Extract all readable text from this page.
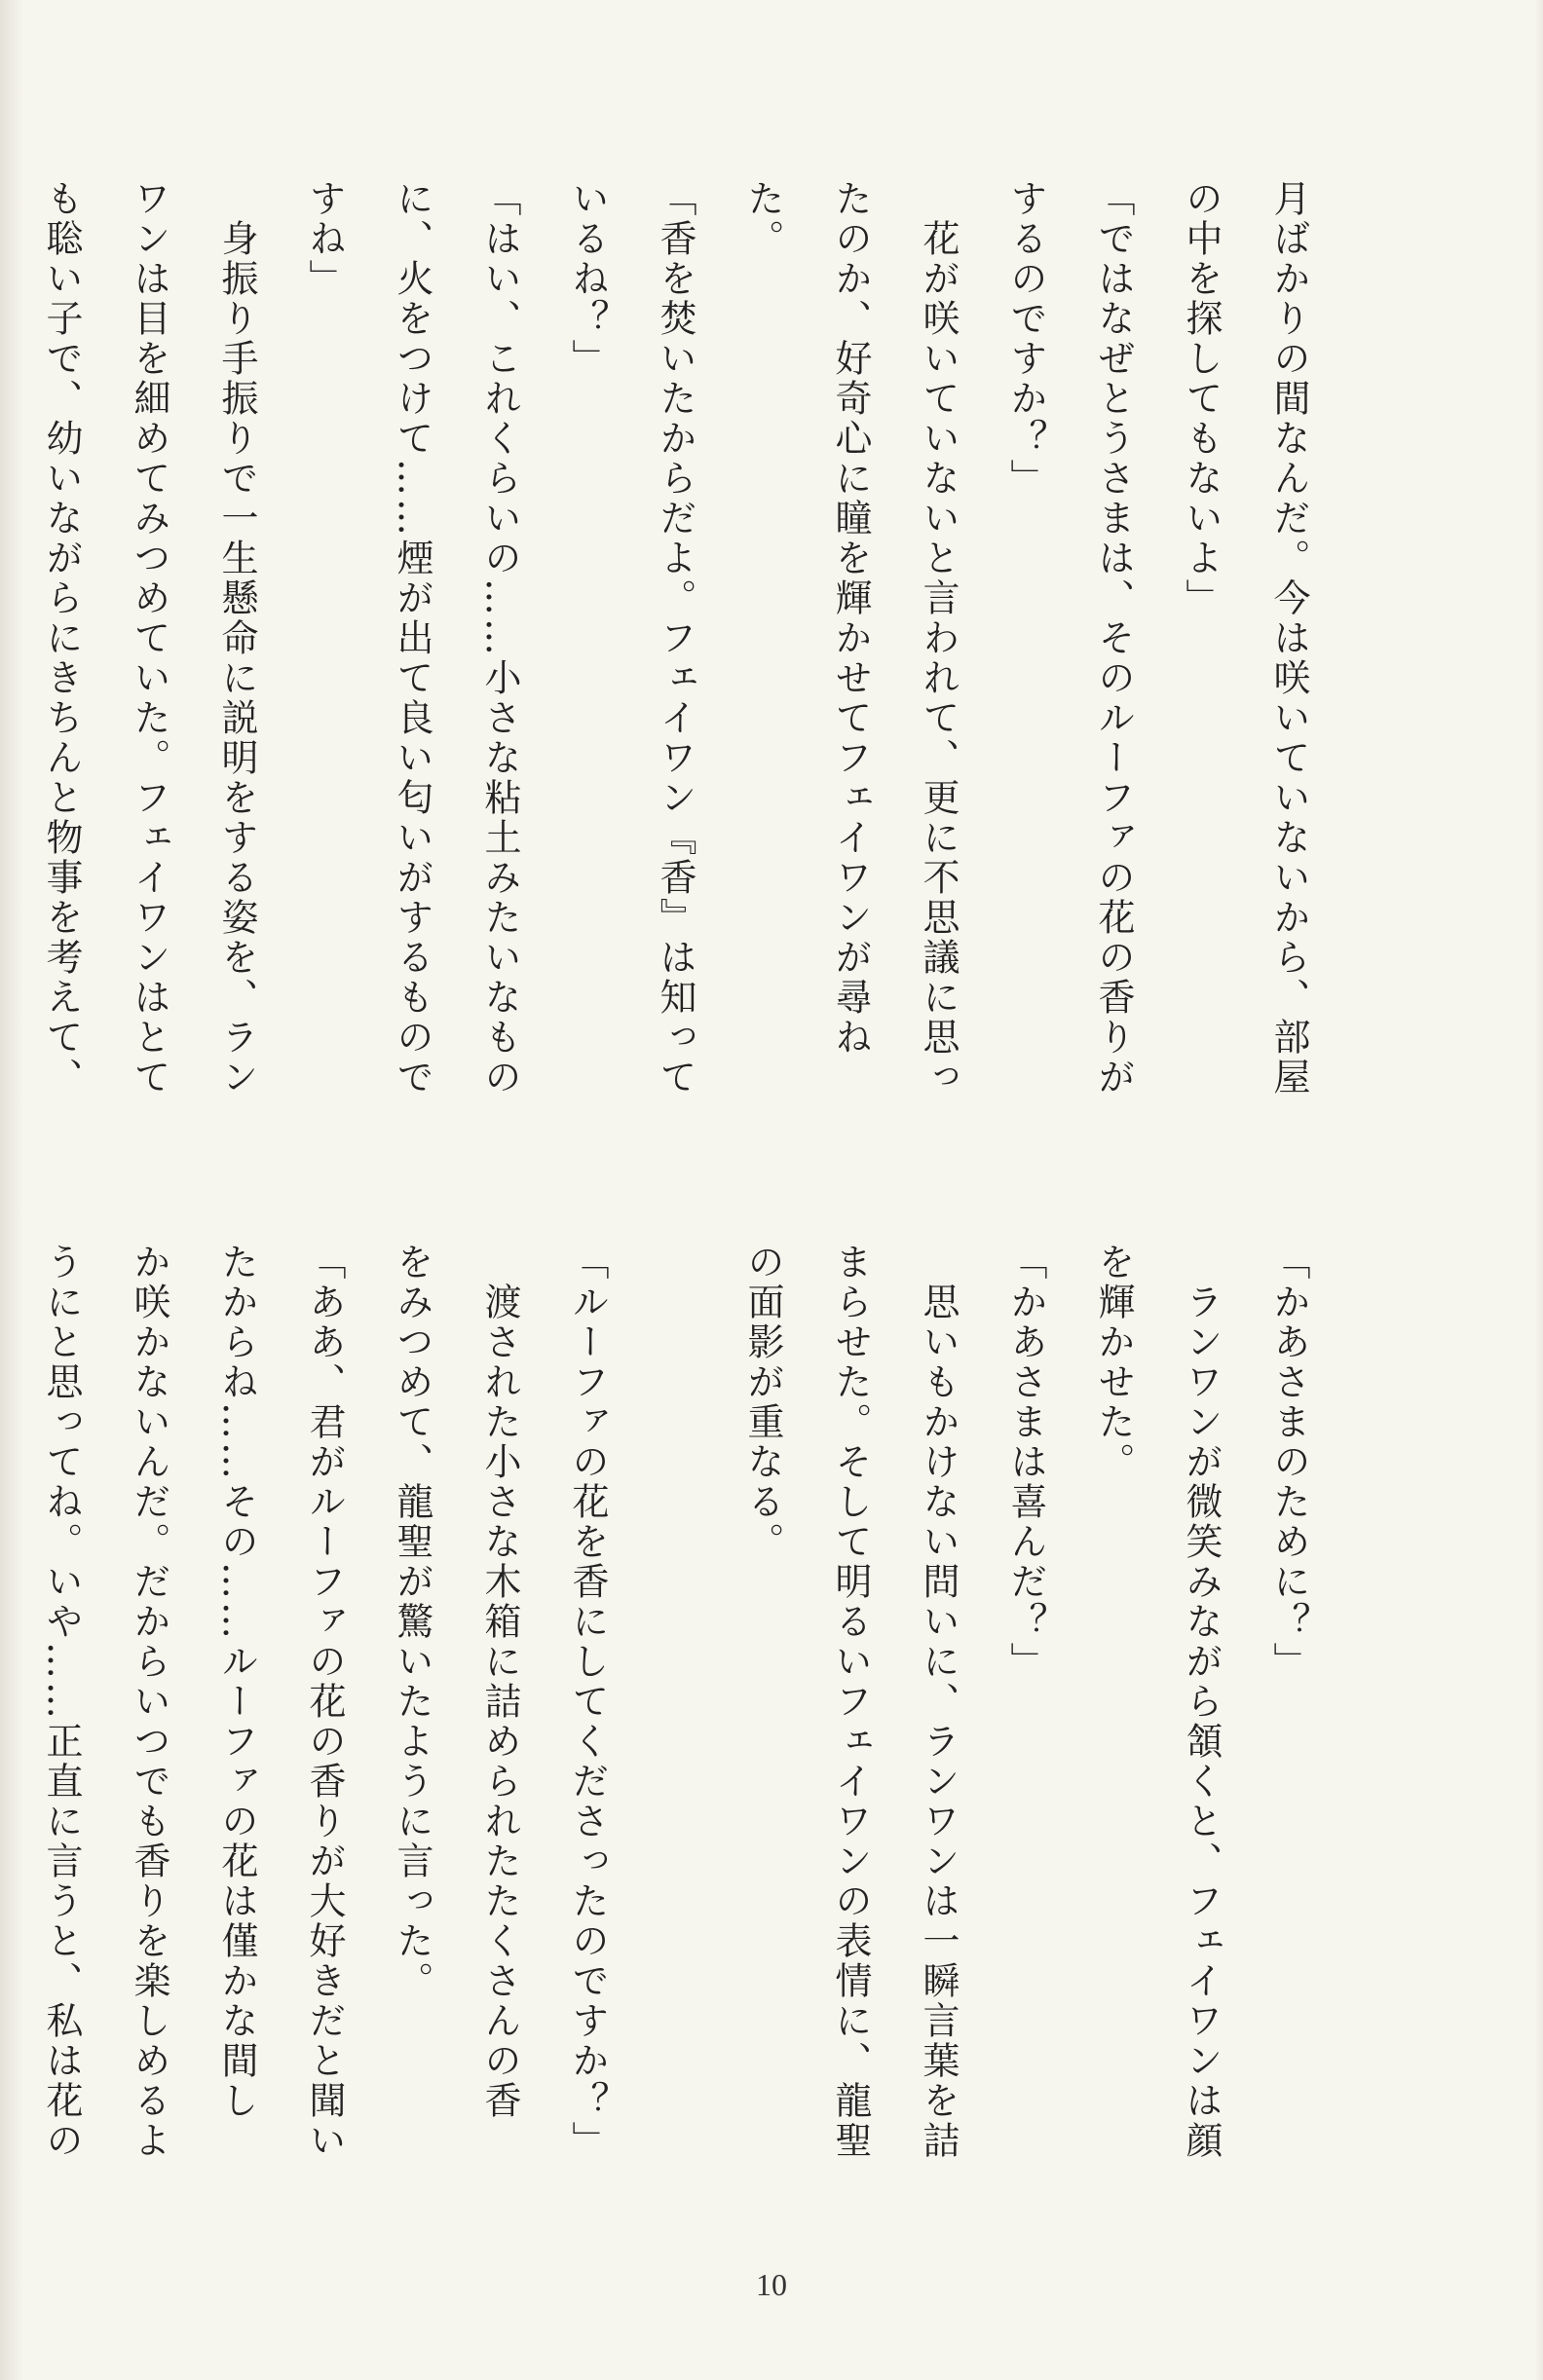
月ばかりの間なんだ。今は咲いていないから、部屋
の中を探してもないよ」
「ではなぜとうさまは、そのルーファの花の香りが
するのですか？」
　花が咲いていないと言われて、更に不思議に思っ
たのか、好奇心に瞳を輝かせてフェイワンが尋ね
た。
「香を焚いたからだよ。フェイワン『香』は知って
いるね？」
「はい、これくらいの……小さな粘土みたいなもの
に、火をつけて……煙が出て良い匂いがするもので
すね」
　身振り手振りで一生懸命に説明をする姿を、ラン
ワンは目を細めてみつめていた。フェイワンはとて
も聡い子で、幼いながらにきちんと物事を考えて、
「かあさまのために？」
　ランワンが微笑みながら頷くと、フェイワンは顔
を輝かせた。
「かあさまは喜んだ？」
　思いもかけない問いに、ランワンは一瞬言葉を詰
まらせた。そして明るいフェイワンの表情に、龍聖
の面影が重なる。

「ルーファの花を香にしてくださったのですか？」
　渡された小さな木箱に詰められたたくさんの香
をみつめて、龍聖が驚いたように言った。
「ああ、君がルーファの花の香りが大好きだと聞い
たからね……その……ルーファの花は僅かな間し
か咲かないんだ。だからいつでも香りを楽しめるよ
うにと思ってね。いや……正直に言うと、私は花の
10
